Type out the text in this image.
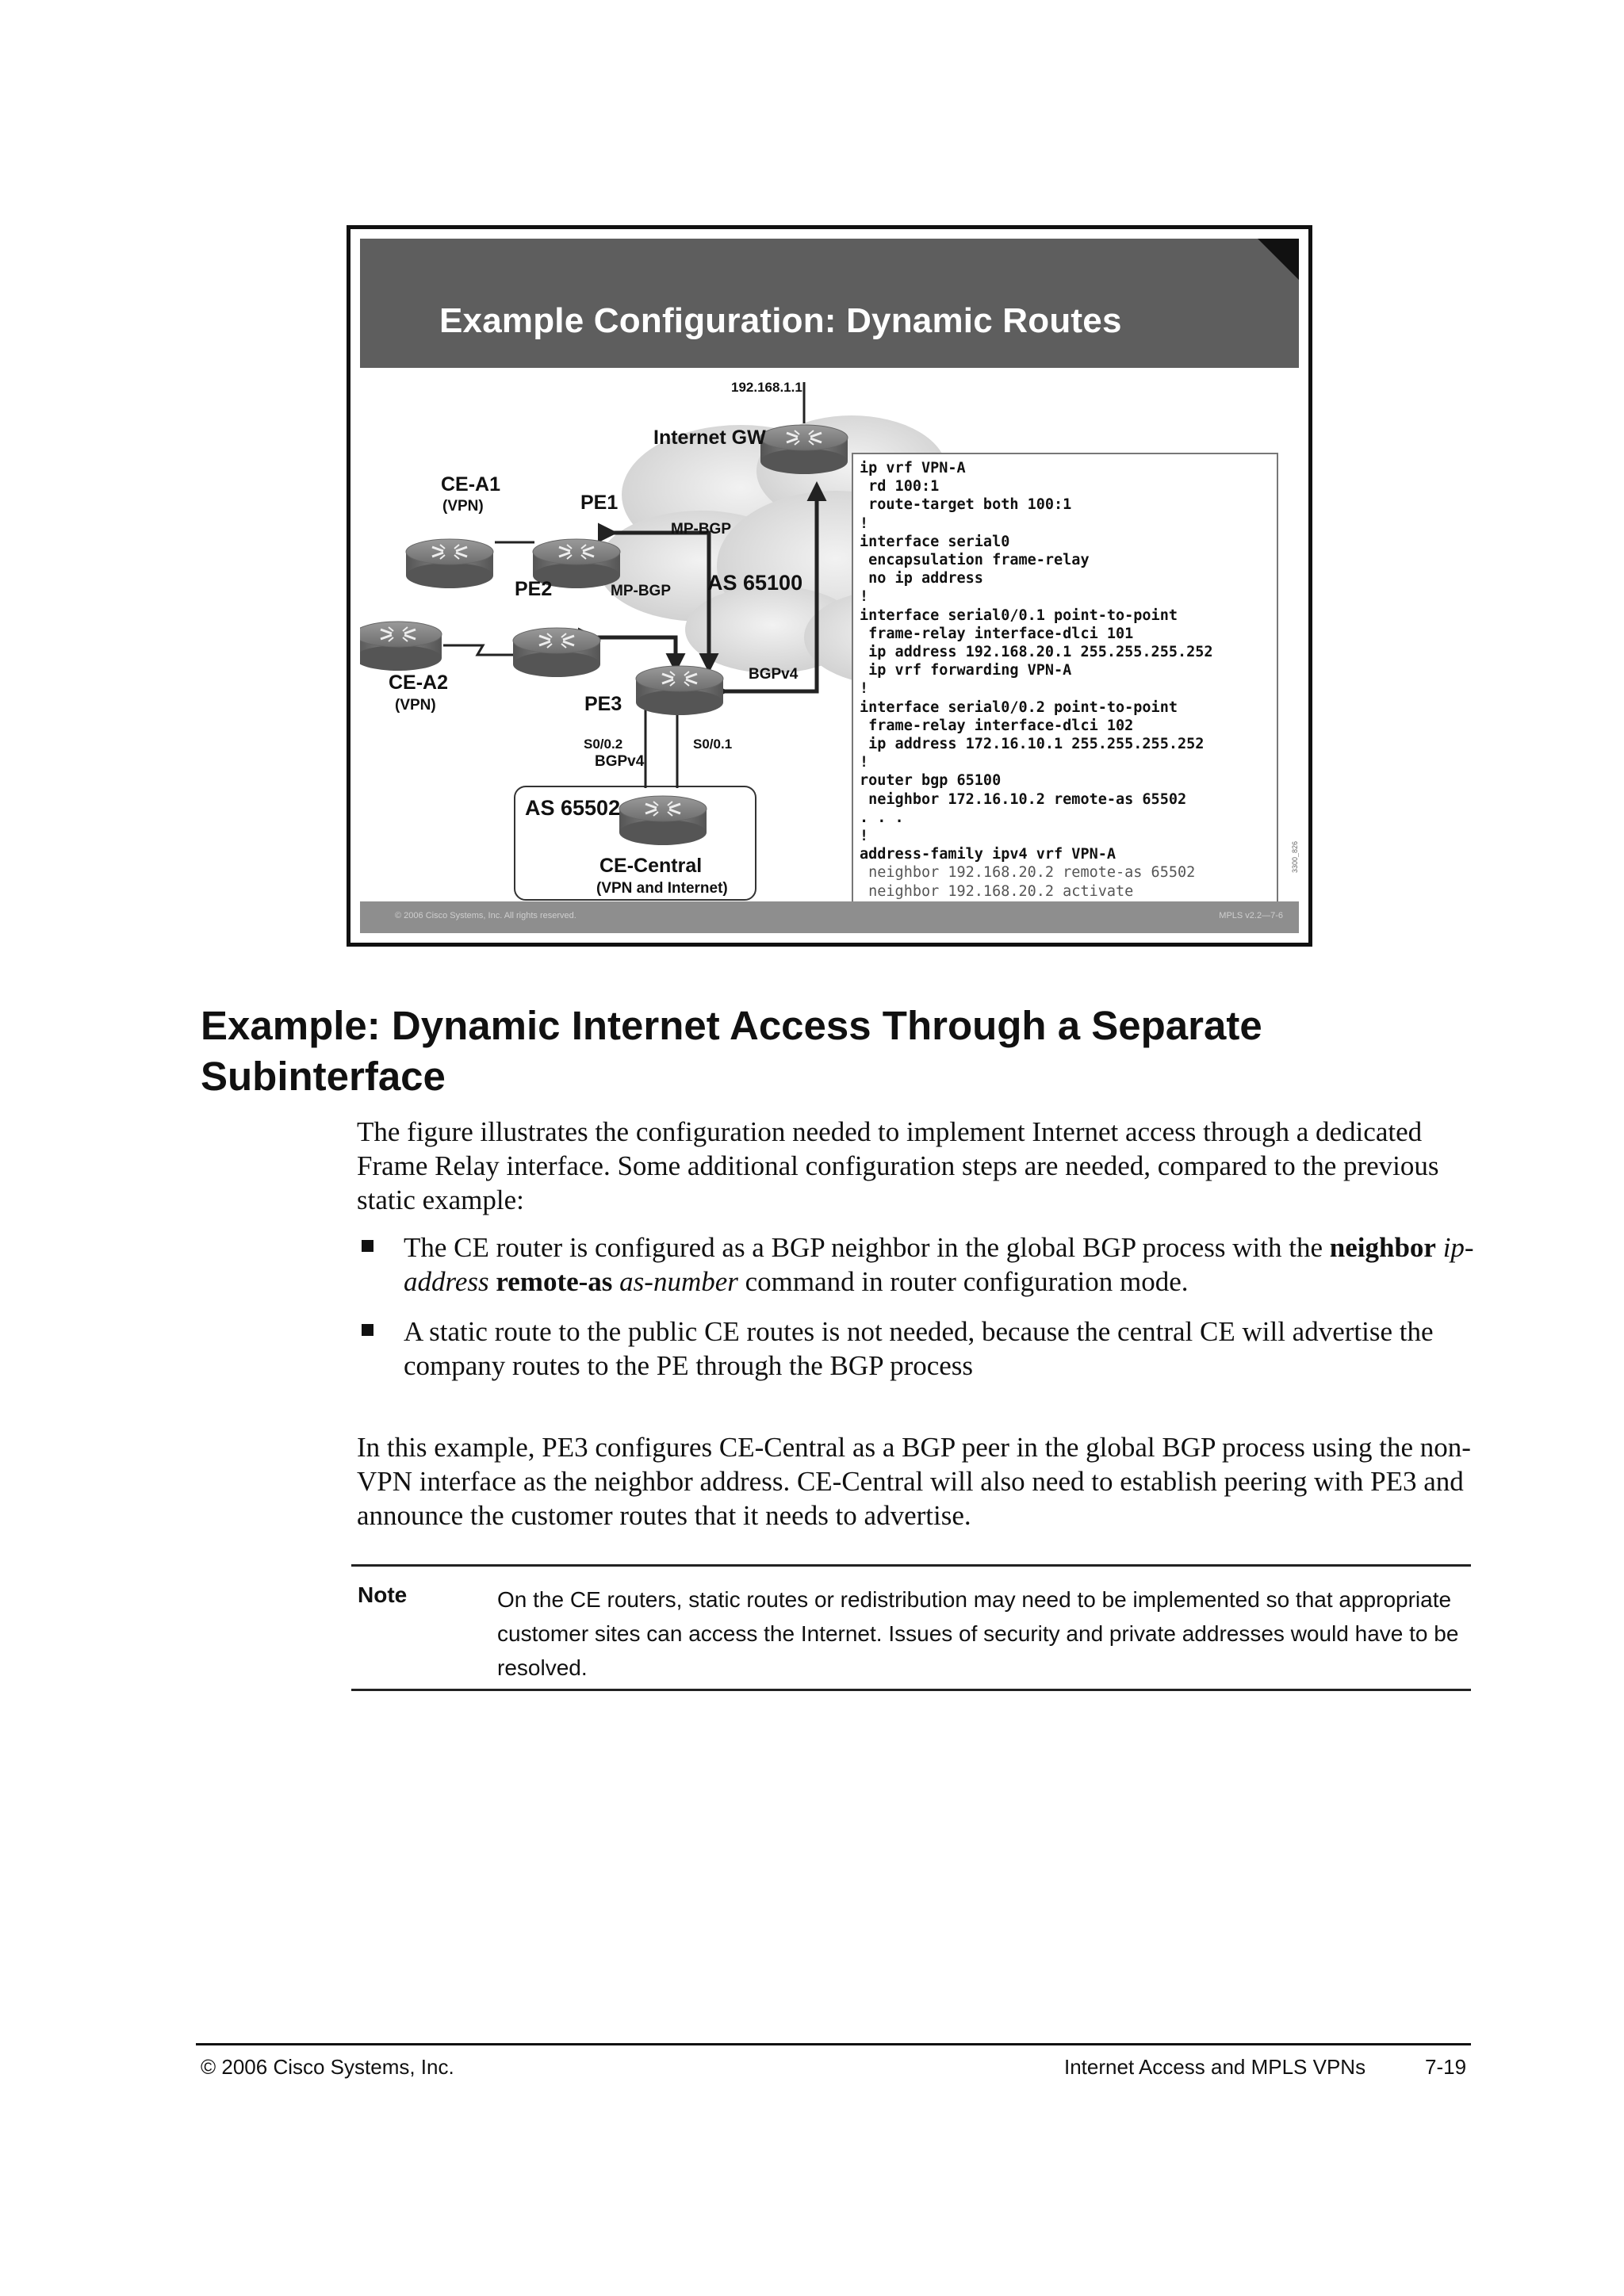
Example Configuration: Dynamic Routes
192.168.1.1
Internet GW
CE-A1
(VPN)	PE1
MP-BGP
PE2	MP-BGP AS 65100
CE-A2
(VPN)
BGPv4
PE3
S0/0.2	S0/0.1
BGPv4
AS 65502
CE-Central
(VPN and Internet)
ip vrf VPN-A
rd 100:1
route-target both 100:1
!
interface serial0
encapsulation frame-relay
no ip address
!
interface serial0/0.1 point-to-point
frame-relay interface-dlci 101
ip address 192.168.20.1 255.255.255.252
ip vrf forwarding VPN-A
!
interface serial0/0.2 point-to-point
frame-relay interface-dlci 102
ip address 172.16.10.1 255.255.255.252
!
router bgp 65100
neighbor 172.16.10.2 remote-as 65502
. . .
!
address-family ipv4 vrf VPN-A
neighbor 192.168.20.2 remote-as 65502
neighbor 192.168.20.2 activate
3300_826
© 2006 Cisco Systems, Inc. All rights reserved.	MPLS v2.2—7-6
Example: Dynamic Internet Access Through a Separate Subinterface
The figure illustrates the configuration needed to implement Internet access through a dedicated Frame Relay interface. Some additional configuration steps are needed, compared to the previous static example:
The CE router is configured as a BGP neighbor in the global BGP process with the neighbor ip-address remote-as as-number command in router configuration mode.
A static route to the public CE routes is not needed, because the central CE will advertise the company routes to the PE through the BGP process
In this example, PE3 configures CE-Central as a BGP peer in the global BGP process using the non-VPN interface as the neighbor address. CE-Central will also need to establish peering with PE3 and announce the customer routes that it needs to advertise.
Note	On the CE routers, static routes or redistribution may need to be implemented so that appropriate customer sites can access the Internet. Issues of security and private addresses would have to be resolved.
© 2006 Cisco Systems, Inc.	Internet Access and MPLS VPNs	7-19
